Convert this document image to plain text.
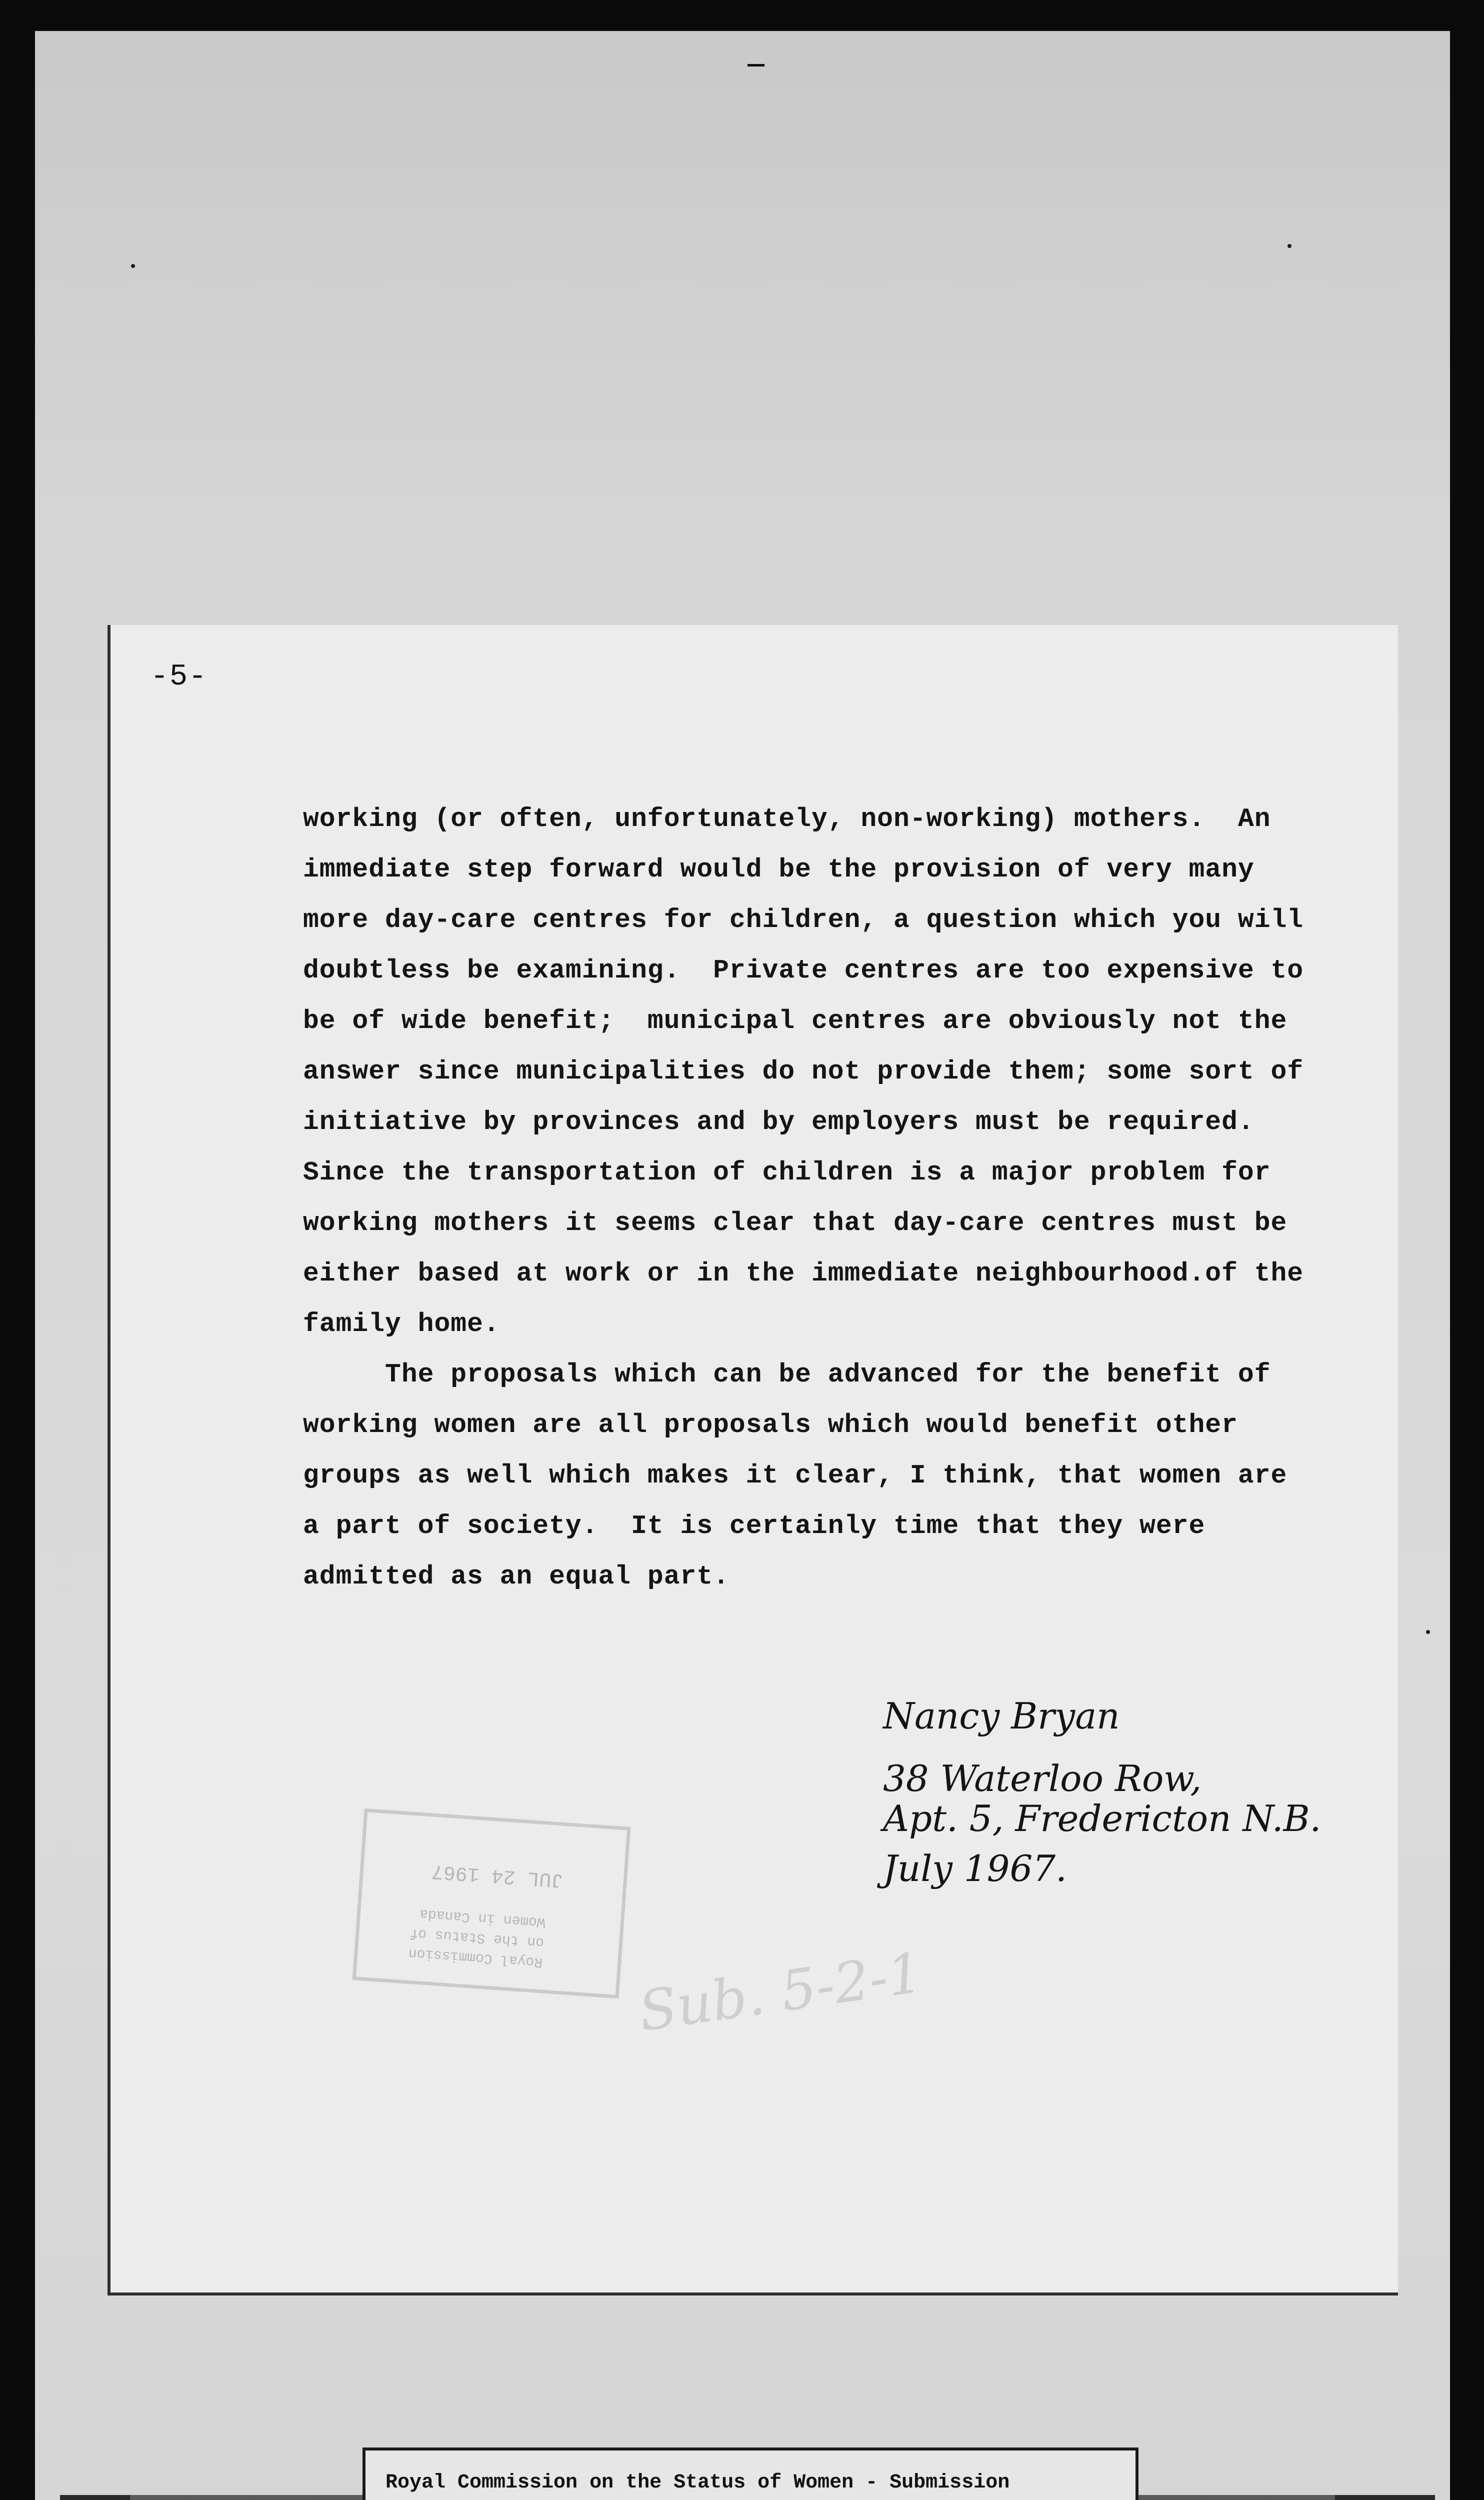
-5-

working (or often, unfortunately, non-working) mothers.  An

immediate step forward would be the provision of very many

more day-care centres for children, a question which you will

doubtless be examining.  Private centres are too expensive to

be of wide benefit;  municipal centres are obviously not the

answer since municipalities do not provide them; some sort of

initiative by provinces and by employers must be required.

Since the transportation of children is a major problem for

working mothers it seems clear that day-care centres must be

either based at work or in the immediate neighbourhood.of the

family home.

The proposals which can be advanced for the benefit of

working women are all proposals which would benefit other

groups as well which makes it clear, I think, that women are

a part of society.  It is certainly time that they were

admitted as an equal part.

Nancy Bryan
38 Waterloo Row,
Apt. 5, Fredericton N.B.
July 1967.
Royal Commission
on the Status of
Women in Canada
JUL 24 1967
Sub. 5-2-1
Royal Commission on the Status of Women - Submission
